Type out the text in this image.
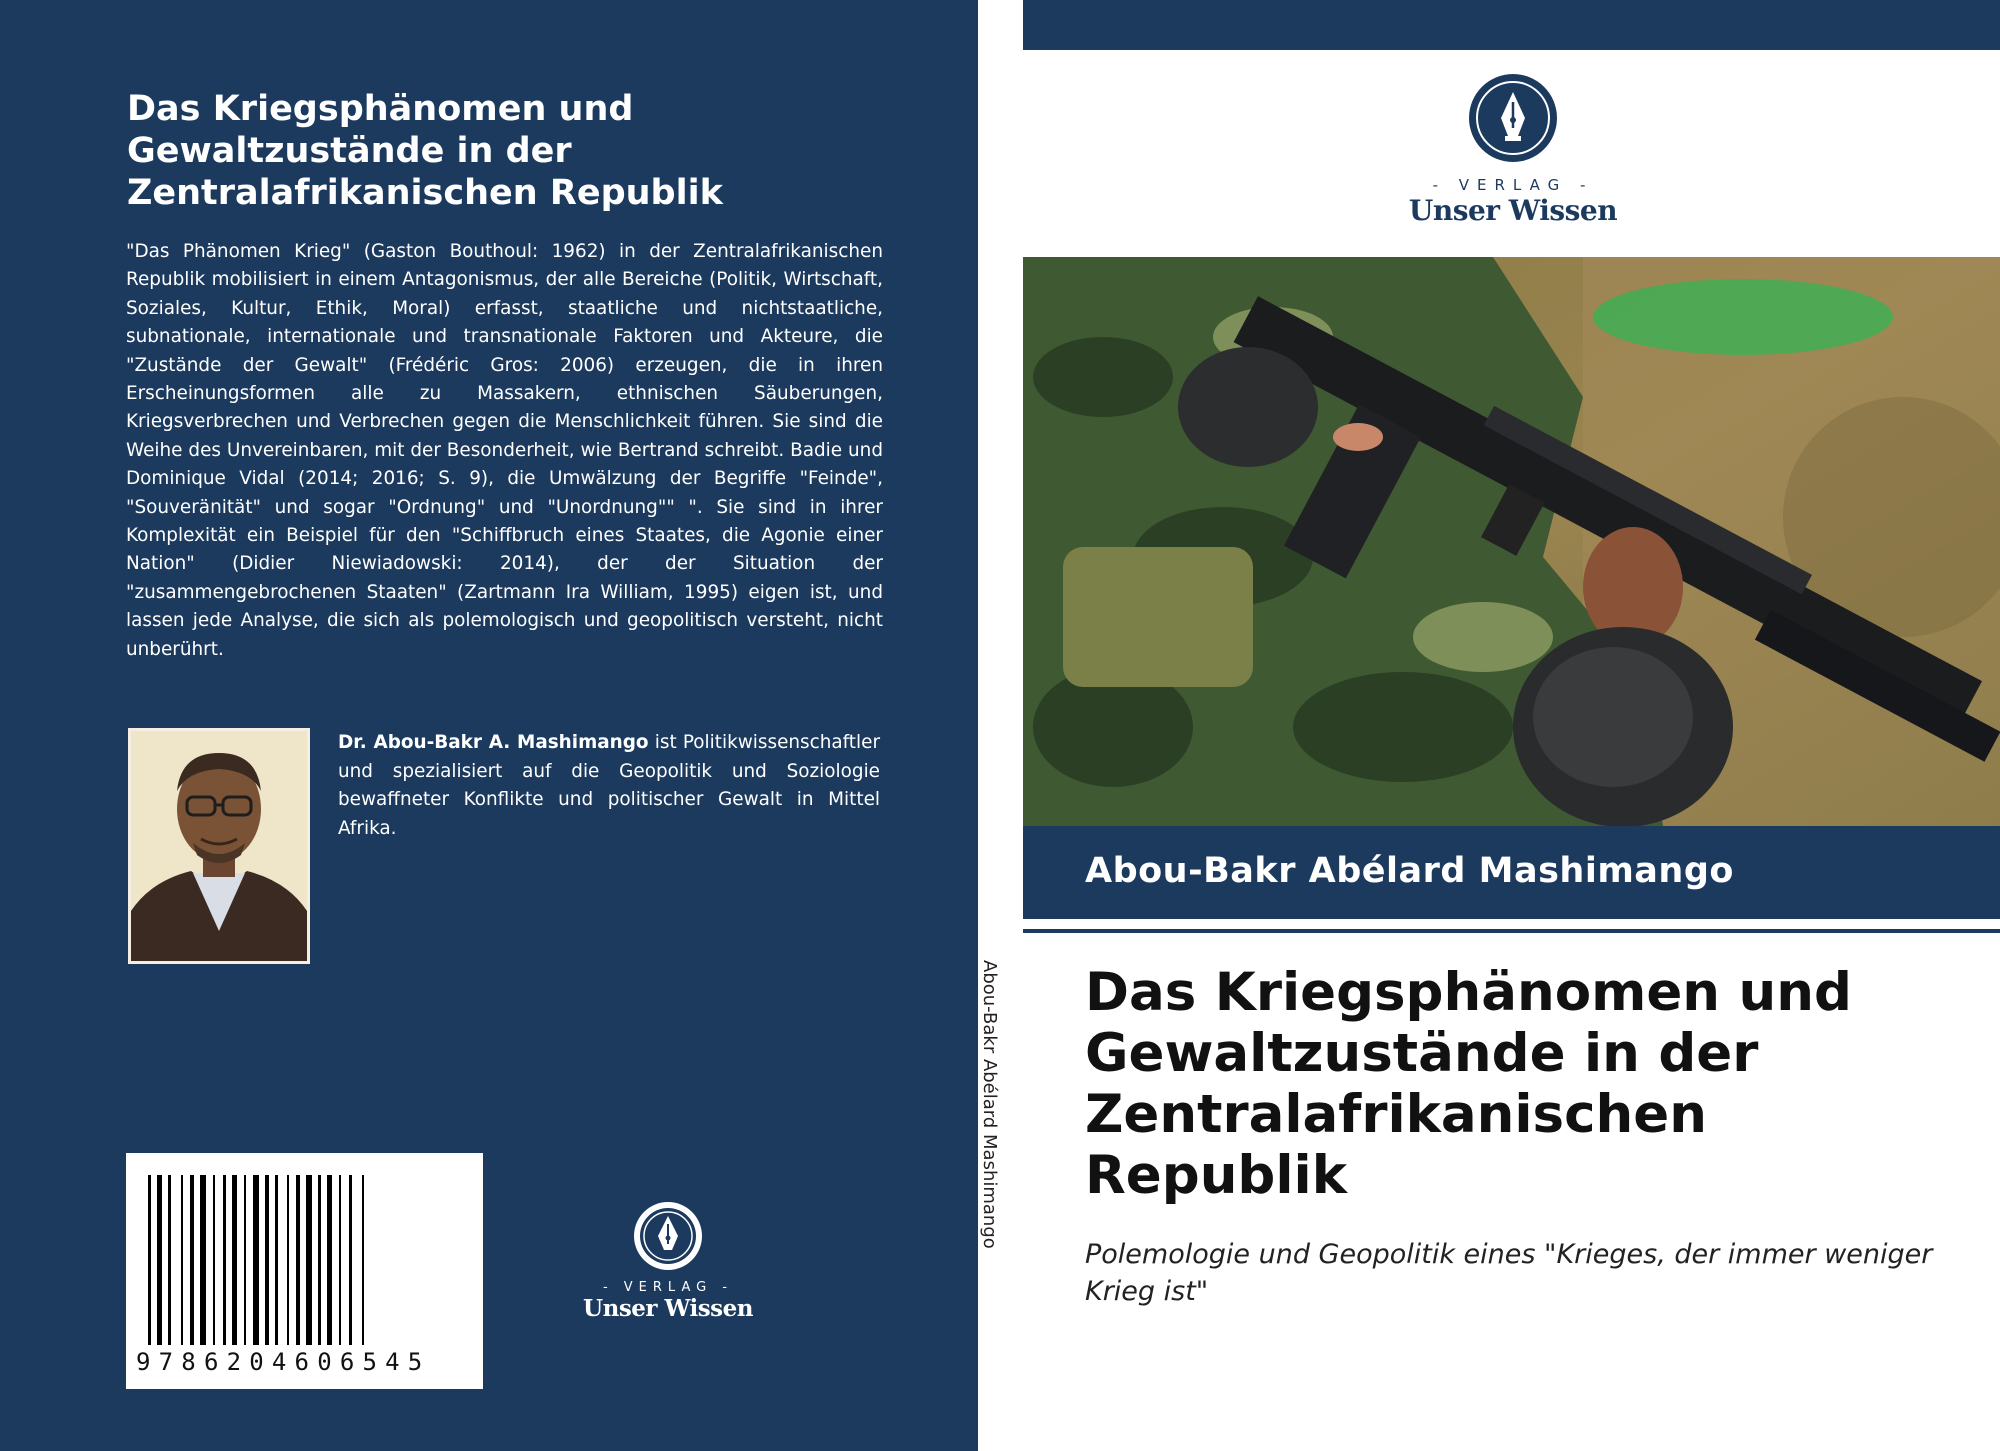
Das Kriegsphänomen und Gewaltzustände in der Zentralafrikanischen Republik

"Das Phänomen Krieg" (Gaston Bouthoul: 1962) in der Zentralafrikanischen Republik mobilisiert in einem Antagonismus, der alle Bereiche (Politik, Wirtschaft, Soziales, Kultur, Ethik, Moral) erfasst, staatliche und nichtstaatliche, subnationale, internationale und transnationale Faktoren und Akteure, die "Zustände der Gewalt" (Frédéric Gros: 2006) erzeugen, die in ihren Erscheinungsformen alle zu Massakern, ethnischen Säuberungen, Kriegsverbrechen und Verbrechen gegen die Menschlichkeit führen. Sie sind die Weihe des Unvereinbaren, mit der Besonderheit, wie Bertrand schreibt. Badie und Dominique Vidal (2014; 2016; S. 9), die Umwälzung der Begriffe "Feinde", "Souveränität" und sogar "Ordnung" und "Unordnung"" ". Sie sind in ihrer Komplexität ein Beispiel für den "Schiffbruch eines Staates, die Agonie einer Nation" (Didier Niewiadowski: 2014), der der Situation der "zusammengebrochenen Staaten" (Zartmann Ira William, 1995) eigen ist, und lassen jede Analyse, die sich als polemologisch und geopolitisch versteht, nicht unberührt.

Dr. Abou-Bakr A. Mashimango ist Politikwissenschaftler und spezialisiert auf die Geopolitik und Soziologie bewaffneter Konflikte und politischer Gewalt in Mittel Afrika.

9786204606545
- VERLAG -
Unser Wissen
Abou-Bakr Abélard Mashimango
- VERLAG -
Unser Wissen
Abou-Bakr Abélard Mashimango
Das Kriegsphänomen und Gewaltzustände in der Zentralafrikanischen Republik

Polemologie und Geopolitik eines "Krieges, der immer weniger Krieg ist"
